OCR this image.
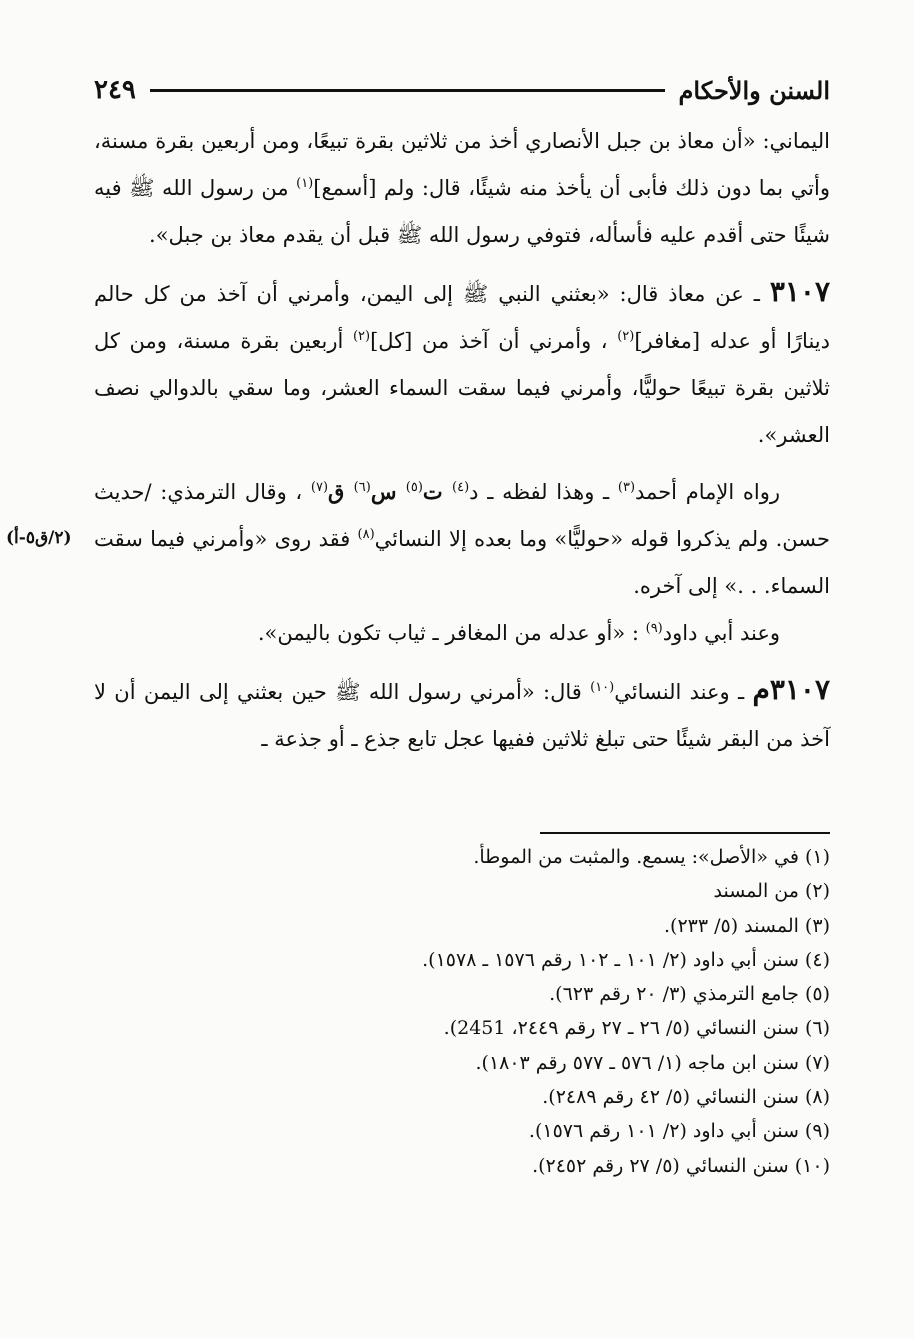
السنن والأحكام
٢٤٩

اليماني: «أن معاذ بن جبل الأنصاري أخذ من ثلاثين بقرة تبيعًا، ومن أربعين بقرة مسنة، وأتي بما دون ذلك فأبى أن يأخذ منه شيئًا، قال: ولم [أسمع]$^{(١)}$ من رسول الله ﷺ فيه شيئًا حتى أقدم عليه فأسأله، فتوفي رسول الله ﷺ قبل أن يقدم معاذ بن جبل».

٣١٠٧ ـ عن معاذ قال: «بعثني النبي ﷺ إلى اليمن، وأمرني أن آخذ من كل حالم دينارًا أو عدله [مغافر]$^{(٢)}$ ، وأمرني أن آخذ من [كل]$^{(٢)}$ أربعين بقرة مسنة، ومن كل ثلاثين بقرة تبيعًا حوليًّا، وأمرني فيما سقت السماء العشر، وما سقي بالدوالي نصف العشر».

رواه الإمام أحمد$^{(٣)}$ ـ وهذا لفظه ـ د$^{(٤)}$ ت$^{(٥)}$ س$^{(٦)}$ ق$^{(٧)}$ ، وقال الترمذي: /حديث حسن. ولم يذكروا قوله «حوليًّا» وما بعده إلا النسائي$^{(٨)}$ فقد روى «وأمرني فيما سقت السماء. . .» إلى آخره.
(٢/ق٥-أ)

وعند أبي داود$^{(٩)}$ : «أو عدله من المغافر ـ ثياب تكون باليمن».

٣١٠٧م ـ وعند النسائي$^{(١٠)}$ قال: «أمرني رسول الله ﷺ حين بعثني إلى اليمن أن لا آخذ من البقر شيئًا حتى تبلغ ثلاثين ففيها عجل تابع جذع ـ أو جذعة ـ

(١) في «الأصل»: يسمع. والمثبت من الموطأ.
(٢) من المسند
(٣) المسند (٥/ ٢٣٣).
(٤) سنن أبي داود (٢/ ١٠١ ـ ١٠٢ رقم ١٥٧٦ ـ ١٥٧٨).
(٥) جامع الترمذي (٣/ ٢٠ رقم ٦٢٣).
(٦) سنن النسائي (٥/ ٢٦ ـ ٢٧ رقم ٢٤٤٩، 2451).
(٧) سنن ابن ماجه (١/ ٥٧٦ ـ ٥٧٧ رقم ١٨٠٣).
(٨) سنن النسائي (٥/ ٤٢ رقم ٢٤٨٩).
(٩) سنن أبي داود (٢/ ١٠١ رقم ١٥٧٦).
(١٠) سنن النسائي (٥/ ٢٧ رقم ٢٤٥٢).
